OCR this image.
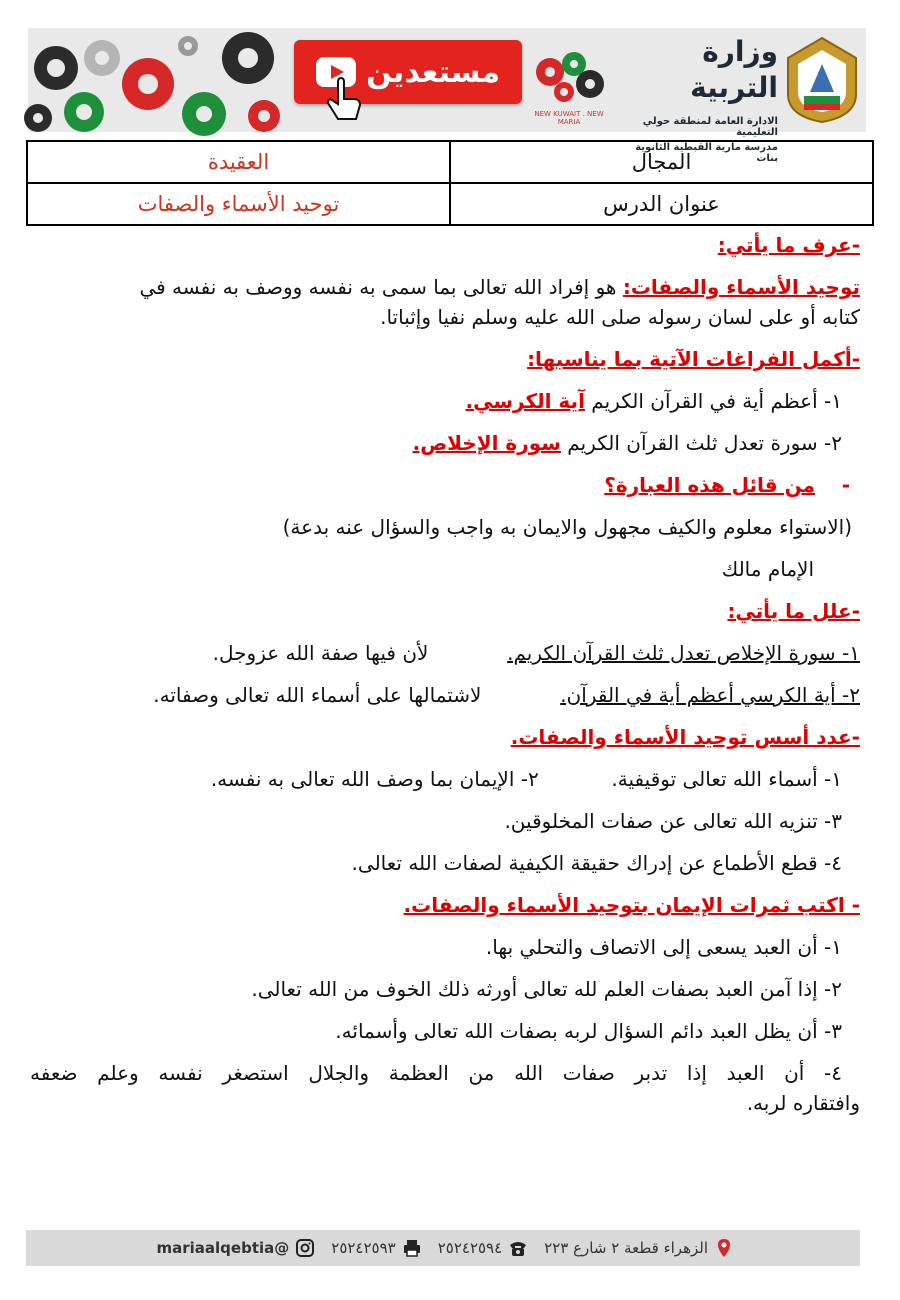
مستعدين
NEW KUWAIT . NEW MARIA
وزارة التربية
الادارة العامة لمنطقة حولي التعليمية
مدرسة مارية القبطية الثانوية بنات
المجال	العقيدة
عنوان الدرس	توحيد الأسماء والصفات
-عرف ما يأتي:
توحيد الأسماء والصفات: هو إفراد الله تعالى بما سمى به نفسه ووصف به نفسه في
كتابه أو على لسان رسوله صلى الله عليه وسلم نفيا وإثباتا.
-أكمل الفراغات الآتية بما يناسبها:
١- أعظم أية في القرآن الكريم آية الكرسي.
٢- سورة تعدل ثلث القرآن الكريم سورة الإخلاص.
-  من قائل هذه العبارة؟
(الاستواء معلوم والكيف مجهول والايمان به واجب والسؤال عنه بدعة)
الإمام مالك
-علل ما يأتي:
١- سورة الإخلاص تعدل ثلث القرآن الكريم.  لأن فيها صفة الله عزوجل.
٢- أية الكرسي أعظم أية في القرآن.  لاشتمالها على أسماء الله تعالى وصفاته.
-عدد أسس توحيد الأسماء والصفات.
١- أسماء الله تعالى توقيفية.  ٢- الإيمان بما وصف الله تعالى به نفسه.
٣- تنزيه الله تعالى عن صفات المخلوقين.
٤- قطع الأطماع عن إدراك حقيقة الكيفية لصفات الله تعالى.
- اكتب ثمرات الإيمان بتوحيد الأسماء والصفات.
١- أن العبد يسعى إلى الاتصاف والتحلي بها.
٢- إذا آمن العبد بصفات العلم لله تعالى أورثه ذلك الخوف من الله تعالى.
٣- أن يظل العبد دائم السؤال لربه بصفات الله تعالى وأسمائه.
٤- أن العبد إذا تدبر صفات الله من العظمة والجلال استصغر نفسه وعلم ضعفه
وافتقاره لربه.
الزهراء قطعة ٢ شارع ٢٢٣
٢٥٢٤٢٥٩٤
٢٥٢٤٢٥٩٣
@mariaalqebtia
